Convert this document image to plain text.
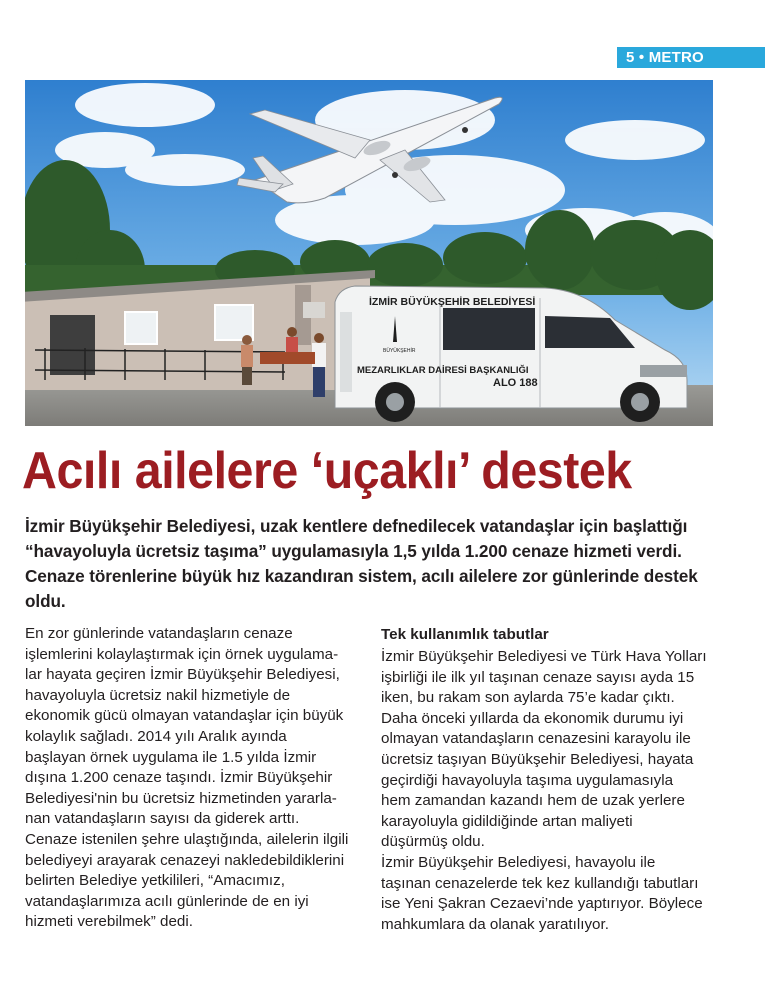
5 • METRO
İZMİR BÜYÜKŞEHİR BELEDİYESİ
MEZARLIKLAR DAİRESİ BAŞKANLIĞI
ALO 188
BÜYÜKŞEHİR
Acılı ailelere ‘uçaklı’ destek
İzmir Büyükşehir Belediyesi, uzak kentlere defnedilecek vatandaşlar için başlattığı
“havayoluyla ücretsiz taşıma” uygulamasıyla 1,5 yılda 1.200 cenaze hizmeti verdi.
Cenaze törenlerine büyük hız kazandıran sistem, acılı ailelere zor günlerinde destek
oldu.

En zor günlerinde vatandaşların cenaze

işlemlerini kolaylaştırmak için örnek uygulama-

lar hayata geçiren İzmir Büyükşehir Belediyesi,

havayoluyla ücretsiz nakil hizmetiyle de

ekonomik gücü olmayan vatandaşlar için büyük

kolaylık sağladı. 2014 yılı Aralık ayında

başlayan örnek uygulama ile 1.5 yılda İzmir

dışına 1.200 cenaze taşındı. İzmir Büyükşehir

Belediyesi'nin bu ücretsiz hizmetinden yararla-

nan vatandaşların sayısı da giderek arttı.

Cenaze istenilen şehre ulaştığında, ailelerin ilgili

belediyeyi arayarak cenazeyi nakledebildiklerini

belirten Belediye yetkilileri, “Amacımız,

vatandaşlarımıza acılı günlerinde de en iyi

hizmeti verebilmek” dedi.

Tek kullanımlık tabutlar

İzmir Büyükşehir Belediyesi ve Türk Hava Yolları

işbirliği ile ilk yıl taşınan cenaze sayısı ayda 15

iken, bu rakam son aylarda 75’e kadar çıktı.

Daha önceki yıllarda da ekonomik durumu iyi

olmayan vatandaşların cenazesini karayolu ile

ücretsiz taşıyan Büyükşehir Belediyesi, hayata

geçirdiği havayoluyla taşıma uygulamasıyla

hem zamandan kazandı hem de uzak yerlere

karayoluyla gidildiğinde artan maliyeti

düşürmüş oldu.

İzmir Büyükşehir Belediyesi, havayolu ile

taşınan cenazelerde tek kez kullandığı tabutları

ise Yeni Şakran Cezaevi’nde yaptırıyor. Böylece

mahkumlara da olanak yaratılıyor.
